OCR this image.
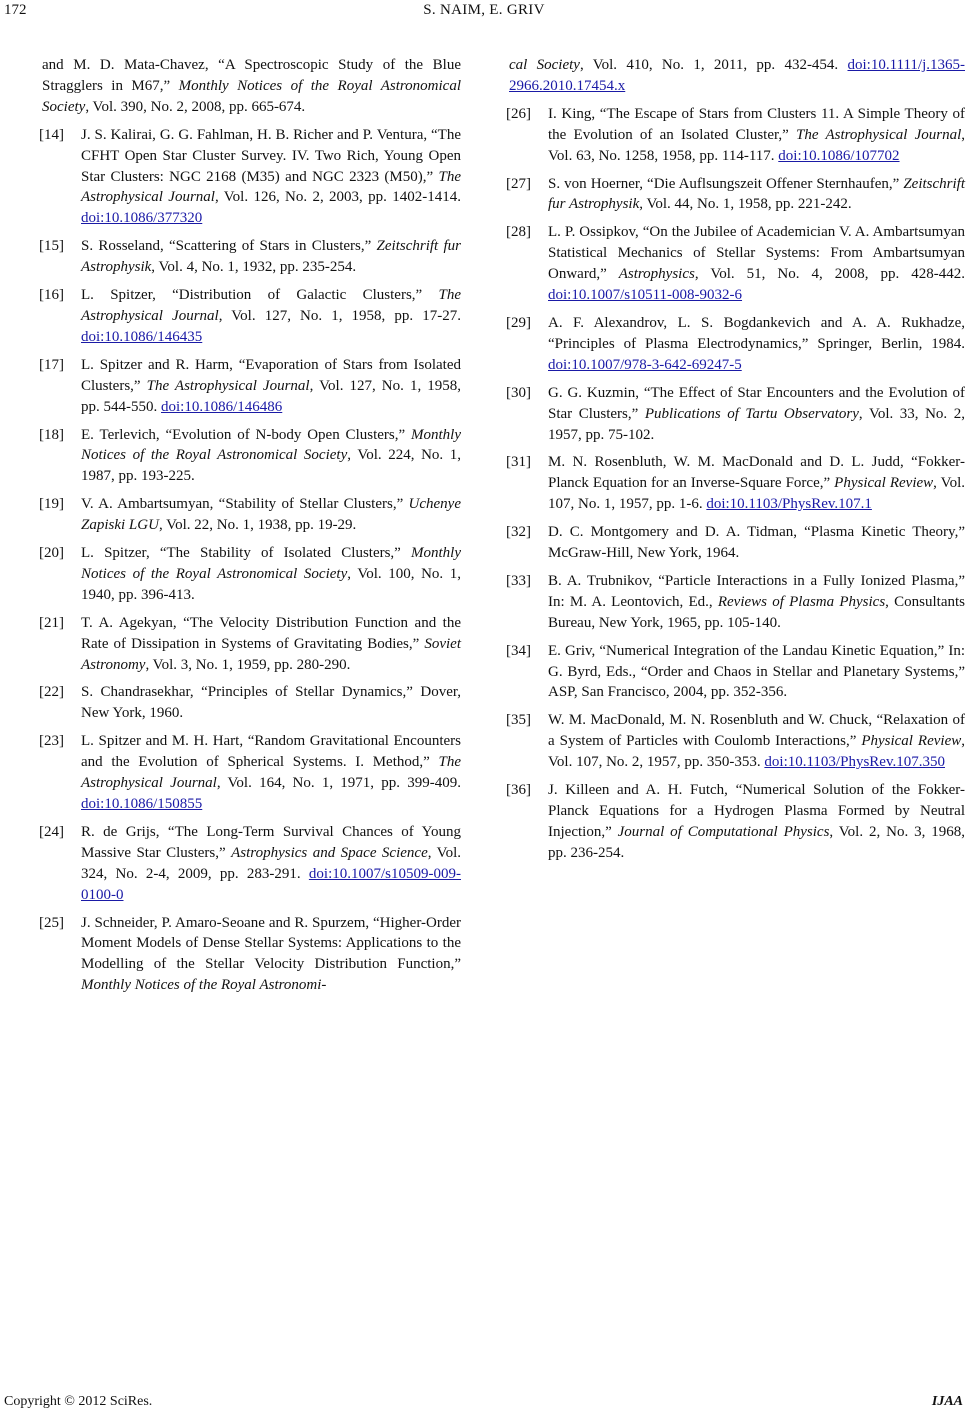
172	S. NAIM, E. GRIV
and M. D. Mata-Chavez, “A Spectroscopic Study of the Blue Stragglers in M67,” Monthly Notices of the Royal Astronomical Society, Vol. 390, No. 2, 2008, pp. 665-674.
[14] J. S. Kalirai, G. G. Fahlman, H. B. Richer and P. Ventura, “The CFHT Open Star Cluster Survey. IV. Two Rich, Young Open Star Clusters: NGC 2168 (M35) and NGC 2323 (M50),” The Astrophysical Journal, Vol. 126, No. 2, 2003, pp. 1402-1414. doi:10.1086/377320
[15] S. Rosseland, “Scattering of Stars in Clusters,” Zeitschrift fur Astrophysik, Vol. 4, No. 1, 1932, pp. 235-254.
[16] L. Spitzer, “Distribution of Galactic Clusters,” The Astrophysical Journal, Vol. 127, No. 1, 1958, pp. 17-27. doi:10.1086/146435
[17] L. Spitzer and R. Harm, “Evaporation of Stars from Isolated Clusters,” The Astrophysical Journal, Vol. 127, No. 1, 1958, pp. 544-550. doi:10.1086/146486
[18] E. Terlevich, “Evolution of N-body Open Clusters,” Monthly Notices of the Royal Astronomical Society, Vol. 224, No. 1, 1987, pp. 193-225.
[19] V. A. Ambartsumyan, “Stability of Stellar Clusters,” Uchenye Zapiski LGU, Vol. 22, No. 1, 1938, pp. 19-29.
[20] L. Spitzer, “The Stability of Isolated Clusters,” Monthly Notices of the Royal Astronomical Society, Vol. 100, No. 1, 1940, pp. 396-413.
[21] T. A. Agekyan, “The Velocity Distribution Function and the Rate of Dissipation in Systems of Gravitating Bodies,” Soviet Astronomy, Vol. 3, No. 1, 1959, pp. 280-290.
[22] S. Chandrasekhar, “Principles of Stellar Dynamics,” Dover, New York, 1960.
[23] L. Spitzer and M. H. Hart, “Random Gravitational Encounters and the Evolution of Spherical Systems. I. Method,” The Astrophysical Journal, Vol. 164, No. 1, 1971, pp. 399-409. doi:10.1086/150855
[24] R. de Grijs, “The Long-Term Survival Chances of Young Massive Star Clusters,” Astrophysics and Space Science, Vol. 324, No. 2-4, 2009, pp. 283-291. doi:10.1007/s10509-009-0100-0
[25] J. Schneider, P. Amaro-Seoane and R. Spurzem, “Higher-Order Moment Models of Dense Stellar Systems: Applications to the Modelling of the Stellar Velocity Distribution Function,” Monthly Notices of the Royal Astronomi-
cal Society, Vol. 410, No. 1, 2011, pp. 432-454. doi:10.1111/j.1365-2966.2010.17454.x
[26] I. King, “The Escape of Stars from Clusters 11. A Simple Theory of the Evolution of an Isolated Cluster,” The Astrophysical Journal, Vol. 63, No. 1258, 1958, pp. 114-117. doi:10.1086/107702
[27] S. von Hoerner, “Die Auflsungszeit Offener Sternhaufen,” Zeitschrift fur Astrophysik, Vol. 44, No. 1, 1958, pp. 221-242.
[28] L. P. Ossipkov, “On the Jubilee of Academician V. A. Ambartsumyan Statistical Mechanics of Stellar Systems: From Ambartsumyan Onward,” Astrophysics, Vol. 51, No. 4, 2008, pp. 428-442. doi:10.1007/s10511-008-9032-6
[29] A. F. Alexandrov, L. S. Bogdankevich and A. A. Rukhadze, “Principles of Plasma Electrodynamics,” Springer, Berlin, 1984. doi:10.1007/978-3-642-69247-5
[30] G. G. Kuzmin, “The Effect of Star Encounters and the Evolution of Star Clusters,” Publications of Tartu Observatory, Vol. 33, No. 2, 1957, pp. 75-102.
[31] M. N. Rosenbluth, W. M. MacDonald and D. L. Judd, “Fokker-Planck Equation for an Inverse-Square Force,” Physical Review, Vol. 107, No. 1, 1957, pp. 1-6. doi:10.1103/PhysRev.107.1
[32] D. C. Montgomery and D. A. Tidman, “Plasma Kinetic Theory,” McGraw-Hill, New York, 1964.
[33] B. A. Trubnikov, “Particle Interactions in a Fully Ionized Plasma,” In: M. A. Leontovich, Ed., Reviews of Plasma Physics, Consultants Bureau, New York, 1965, pp. 105-140.
[34] E. Griv, “Numerical Integration of the Landau Kinetic Equation,” In: G. Byrd, Eds., “Order and Chaos in Stellar and Planetary Systems,” ASP, San Francisco, 2004, pp. 352-356.
[35] W. M. MacDonald, M. N. Rosenbluth and W. Chuck, “Relaxation of a System of Particles with Coulomb Interactions,” Physical Review, Vol. 107, No. 2, 1957, pp. 350-353. doi:10.1103/PhysRev.107.350
[36] J. Killeen and A. H. Futch, “Numerical Solution of the Fokker-Planck Equations for a Hydrogen Plasma Formed by Neutral Injection,” Journal of Computational Physics, Vol. 2, No. 3, 1968, pp. 236-254.
Copyright © 2012 SciRes.	IJAA
